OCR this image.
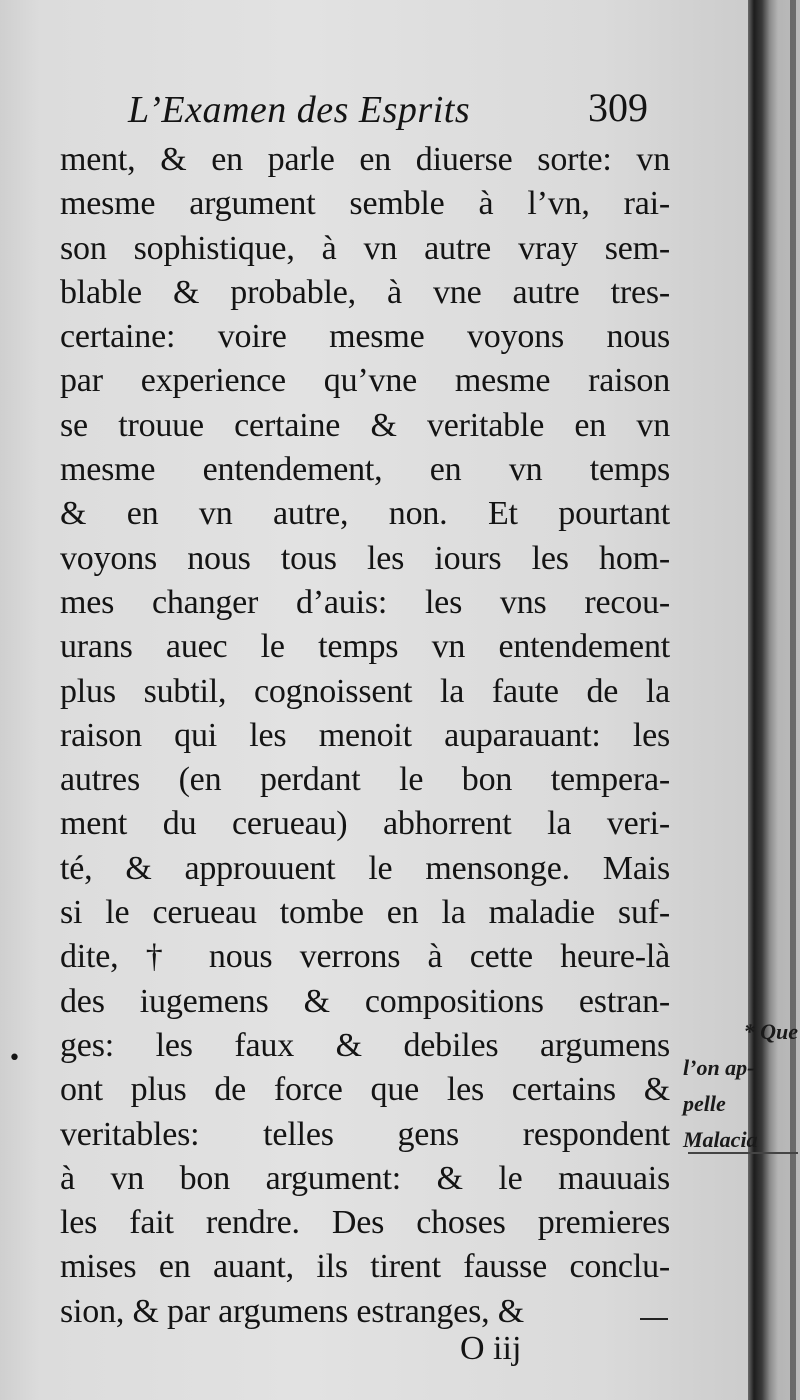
L’Examen des Esprits	309
ment, & en parle en diuerse sorte: vn
mesme argument semble à l’vn, rai-
son sophistique, à vn autre vray sem-
blable & probable, à vne autre tres-
certaine: voire mesme voyons nous
par experience qu’vne mesme raison
se trouue certaine & veritable en vn
mesme entendement, en vn temps
& en vn autre, non. Et pourtant
voyons nous tous les iours les hom-
mes changer d’auis: les vns recou-
urans auec le temps vn entendement
plus subtil, cognoissent la faute de la
raison qui les menoit auparauant: les
autres (en perdant le bon tempera-
ment du cerueau) abhorrent la veri-
té, & approuuent le mensonge. Mais
si le cerueau tombe en la maladie suf-
dite, † nous verrons à cette heure-là
des iugemens & compositions estran-
ges: les faux & debiles argumens
ont plus de force que les certains &
veritables: telles gens respondent
à vn bon argument: & le mauuais
les fait rendre. Des choses premieres
mises en auant, ils tirent fausse conclu-
sion, & par argumens estranges, &
•
* Que
l’on ap-
pelle
Malacia
O iij
